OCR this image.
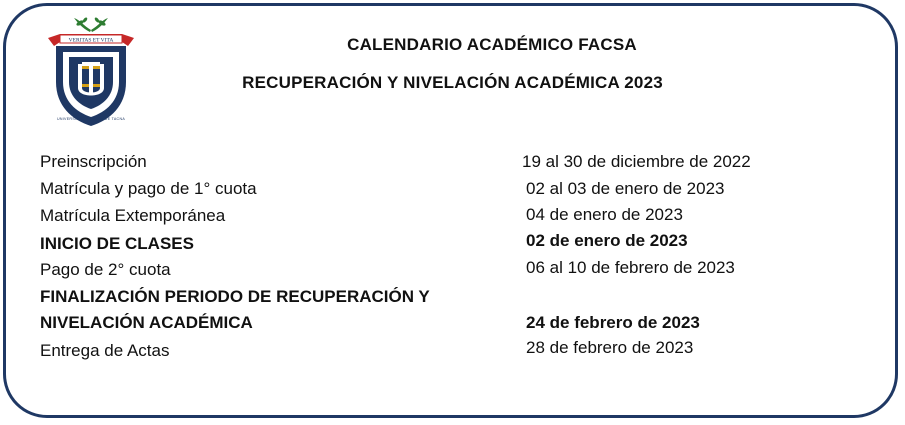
VERITAS ET VITA
UNIVERSIDAD PRIVADA DE TACNA
CALENDARIO ACADÉMICO FACSA
RECUPERACIÓN Y NIVELACIÓN ACADÉMICA 2023
Preinscripción	19 al 30 de diciembre de 2022
Matrícula y pago de 1° cuota	02 al 03 de enero de 2023
Matrícula Extemporánea	04 de enero de 2023
INICIO DE CLASES	02 de enero de 2023
Pago de 2° cuota	06 al 10 de febrero de 2023
FINALIZACIÓN PERIODO DE RECUPERACIÓN Y
NIVELACIÓN ACADÉMICA	24 de febrero de 2023
Entrega de Actas	28 de febrero de 2023
